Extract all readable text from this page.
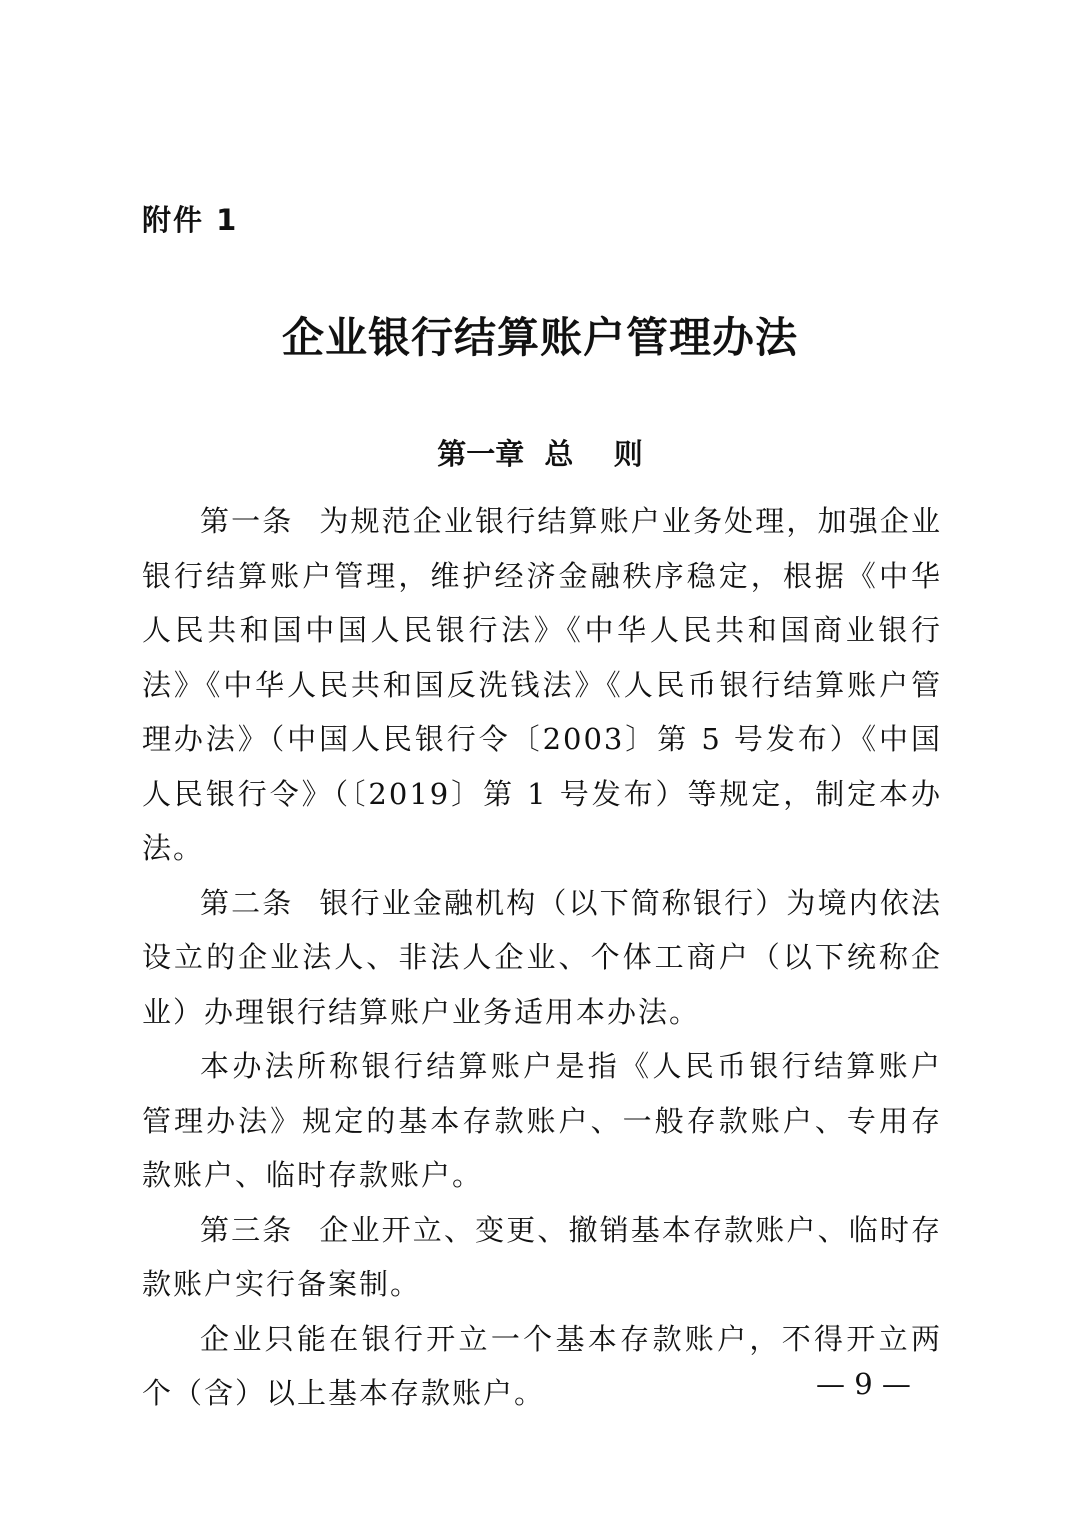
附件 1
企业银行结算账户管理办法
第一章  总    则

第一条 为规范企业银行结算账户业务处理，加强企业银行结算账户管理，维护经济金融秩序稳定，根据《中华人民共和国中国人民银行法》《中华人民共和国商业银行法》《中华人民共和国反洗钱法》《人民币银行结算账户管理办法》（中国人民银行令〔2003〕第 5 号发布）《中国人民银行令》（〔2019〕第 1 号发布）等规定，制定本办法。

第二条 银行业金融机构（以下简称银行）为境内依法设立的企业法人、非法人企业、个体工商户（以下统称企业）办理银行结算账户业务适用本办法。

本办法所称银行结算账户是指《人民币银行结算账户管理办法》规定的基本存款账户、一般存款账户、专用存款账户、临时存款账户。

第三条 企业开立、变更、撤销基本存款账户、临时存款账户实行备案制。

企业只能在银行开立一个基本存款账户，不得开立两个（含）以上基本存款账户。	— 9 —
